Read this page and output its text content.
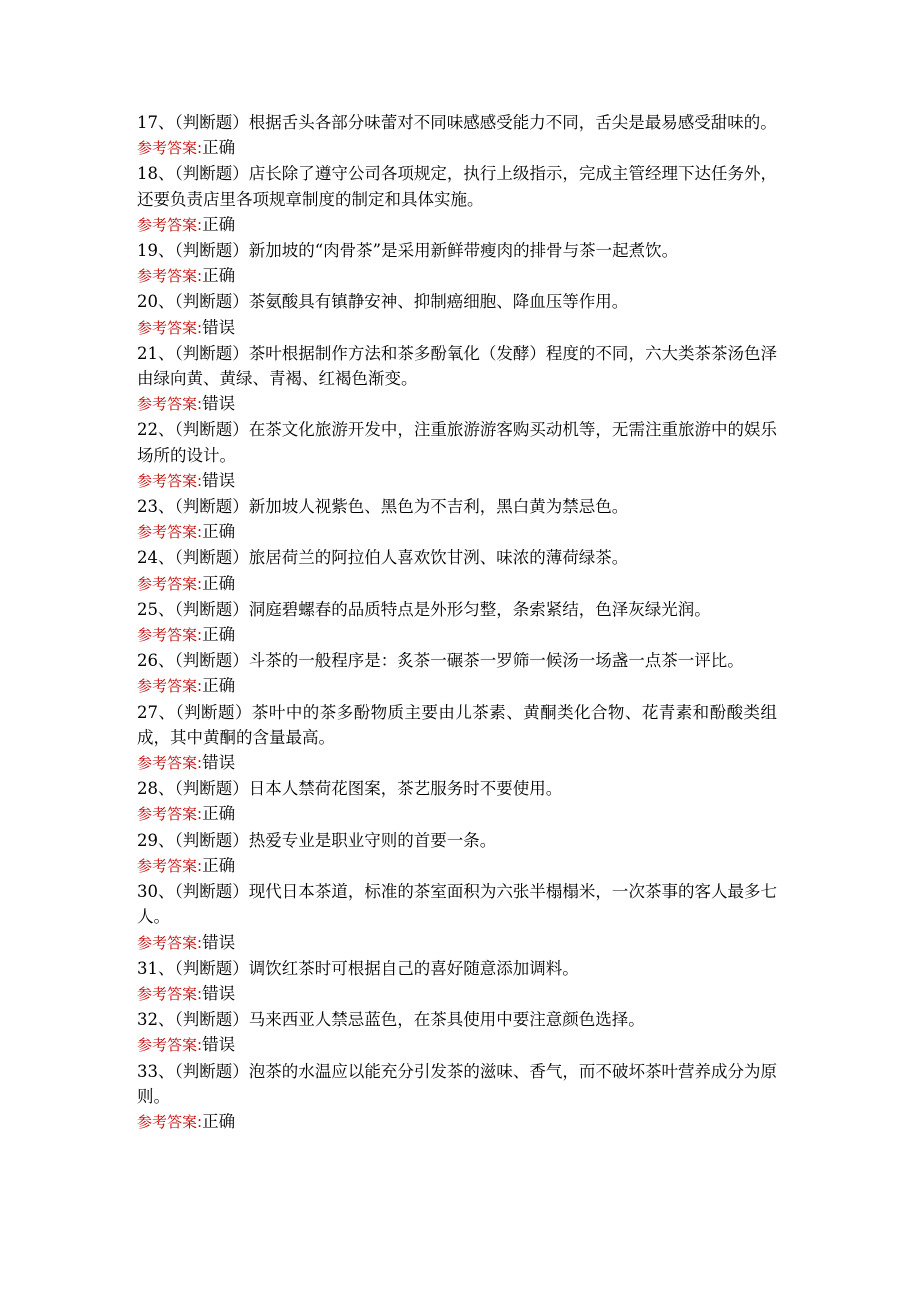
17、（判断题）根据舌头各部分味蕾对不同味感感受能力不同，舌尖是最易感受甜味的。
参考答案:正确
18、（判断题）店长除了遵守公司各项规定，执行上级指示，完成主管经理下达任务外，还要负责店里各项规章制度的制定和具体实施。
参考答案:正确
19、（判断题）新加坡的“肉骨茶”是采用新鲜带瘦肉的排骨与茶一起煮饮。
参考答案:正确
20、（判断题）茶氨酸具有镇静安神、抑制癌细胞、降血压等作用。
参考答案:错误
21、（判断题）茶叶根据制作方法和茶多酚氧化（发酵）程度的不同，六大类茶茶汤色泽由绿向黄、黄绿、青褐、红褐色渐变。
参考答案:错误
22、（判断题）在茶文化旅游开发中，注重旅游游客购买动机等，无需注重旅游中的娱乐场所的设计。
参考答案:错误
23、（判断题）新加坡人视紫色、黑色为不吉利，黑白黄为禁忌色。
参考答案:正确
24、（判断题）旅居荷兰的阿拉伯人喜欢饮甘洌、味浓的薄荷绿茶。
参考答案:正确
25、（判断题）洞庭碧螺春的品质特点是外形匀整，条索紧结，色泽灰绿光润。
参考答案:正确
26、（判断题）斗茶的一般程序是：炙茶一碾茶一罗筛一候汤一场盏一点茶一评比。
参考答案:正确
27、（判断题）茶叶中的茶多酚物质主要由儿茶素、黄酮类化合物、花青素和酚酸类组成，其中黄酮的含量最高。
参考答案:错误
28、（判断题）日本人禁荷花图案，茶艺服务时不要使用。
参考答案:正确
29、（判断题）热爱专业是职业守则的首要一条。
参考答案:正确
30、（判断题）现代日本茶道，标准的茶室面积为六张半榻榻米，一次茶事的客人最多七人。
参考答案:错误
31、（判断题）调饮红茶时可根据自己的喜好随意添加调料。
参考答案:错误
32、（判断题）马来西亚人禁忌蓝色，在茶具使用中要注意颜色选择。
参考答案:错误
33、（判断题）泡茶的水温应以能充分引发茶的滋味、香气，而不破坏茶叶营养成分为原则。
参考答案:正确
